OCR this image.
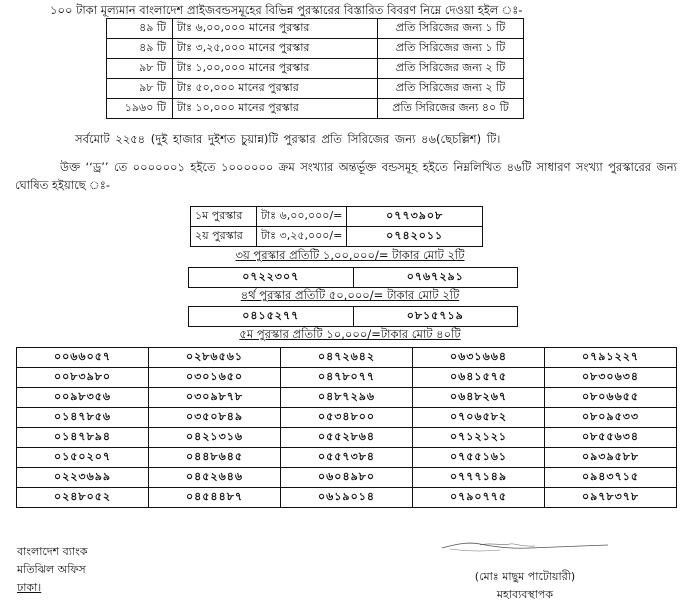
১০০ টাকা মূল্যমান বাংলাদেশ প্রাইজবন্ডসমূহের বিভিন্ন পুরস্কারের বিস্তারিত বিবরণ নিম্নে দেওয়া হইল ঃ-
৪৯ টি	টাঃ ৬,০০,০০০ মানের পুরস্কার	প্রতি সিরিজের জন্য ১ টি
৪৯ টি	টাঃ ৩,২৫,০০০ মানের পুরস্কার	প্রতি সিরিজের জন্য ১ টি
৯৮ টি	টাঃ ১,০০,০০০ মানের পুরস্কার	প্রতি সিরিজের জন্য ২ টি
৯৮ টি	টাঃ ৫০,০০০ মানের পুরস্কার	প্রতি সিরিজের জন্য ২ টি
১৯৬০ টি	টাঃ ১০,০০০ মানের পুরস্কার	প্রতি সিরিজের জন্য ৪০ টি
সর্বমোট ২২৫৪ (দুই হাজার দুইশত চুয়ান্ন)টি পুরস্কার প্রতি সিরিজের জন্য ৪৬(ছেচল্লিশ) টি।
উক্ত ‘‘ড্র’’ তে ০০০০০০১ হইতে ১০০০০০০ ক্রম সংখ্যার অন্তর্ভূক্ত বন্ডসমূহ হইতে নিম্নলিখিত ৪৬টি সাধারণ সংখ্যা পুরস্কারের জন্য ঘোষিত হইয়াছে ঃ-
১ম পুরস্কার	টাঃ ৬,০০,০০০/=	০৭৭৩৯০৮
২য় পুরস্কার	টাঃ ৩,২৫,০০০/=	০৭৪২০১১
৩য় পুরস্কার প্রতিটি ১,০০,০০০/= টাকার মোট ২টি
০৭২২৩০৭	০৭৬৭২৯১
৪র্থ পুরস্কার প্রতিটি ৫০,০০০/= টাকার মোট ২টি
০৪১৫২৭৭	০৮১৫৭১৯
৫ম পুরস্কার প্রতিটি ১০,০০০/=টাকার মোট ৪০টি
০০৬৬০৫৭	০২৮৬৫৬১	০৪৭২৬৪২	০৬৩১৬৬৪	০৭৯১২২৭
০০৮৩৯৮০	০৩০১৬৫০	০৪৭৮০৭৭	০৬৪১৫৭৫	০৮৩০৬৩৪
০০৯৮৩৫৬	০৩০৯৮৭৮	০৪৮৭২৯৬	০৬৪৮২৬৭	০৮০৬৬৫৫
০১৪৭৮৫৬	০৩৫০৮৪৯	০৫৩৪৮০০	০৭০৬৫৮২	০৮০৯৫৩৩
০১৪৭৮৯৪	০৪২১৩১৬	০৫৫২৮৬৪	০৭১২১২১	০৮৫৫৬৩৪
০১৫০২০৭	০৪৪৮৬৪৫	০৫৫৭৩৮৪	০৭৫৫১৬১	০৯৩৯৫৮৮
০২২৩৬৯৯	০৪৫২৬৪৬	০৬০৪৯৮০	০৭৭৭১৪৯	০৯৪৩৭১৫
০২৪৮০৫২	০৪৫৪৪৮৭	০৬১৯০১৪	০৭৯০৭৭৫	০৯৭৮৩৭৮
বাংলাদেশ ব্যাংক
মতিঝিল অফিস
ঢাকা।
(মোঃ মাছুম পাটোয়ারী)
মহাব্যবস্থাপক
